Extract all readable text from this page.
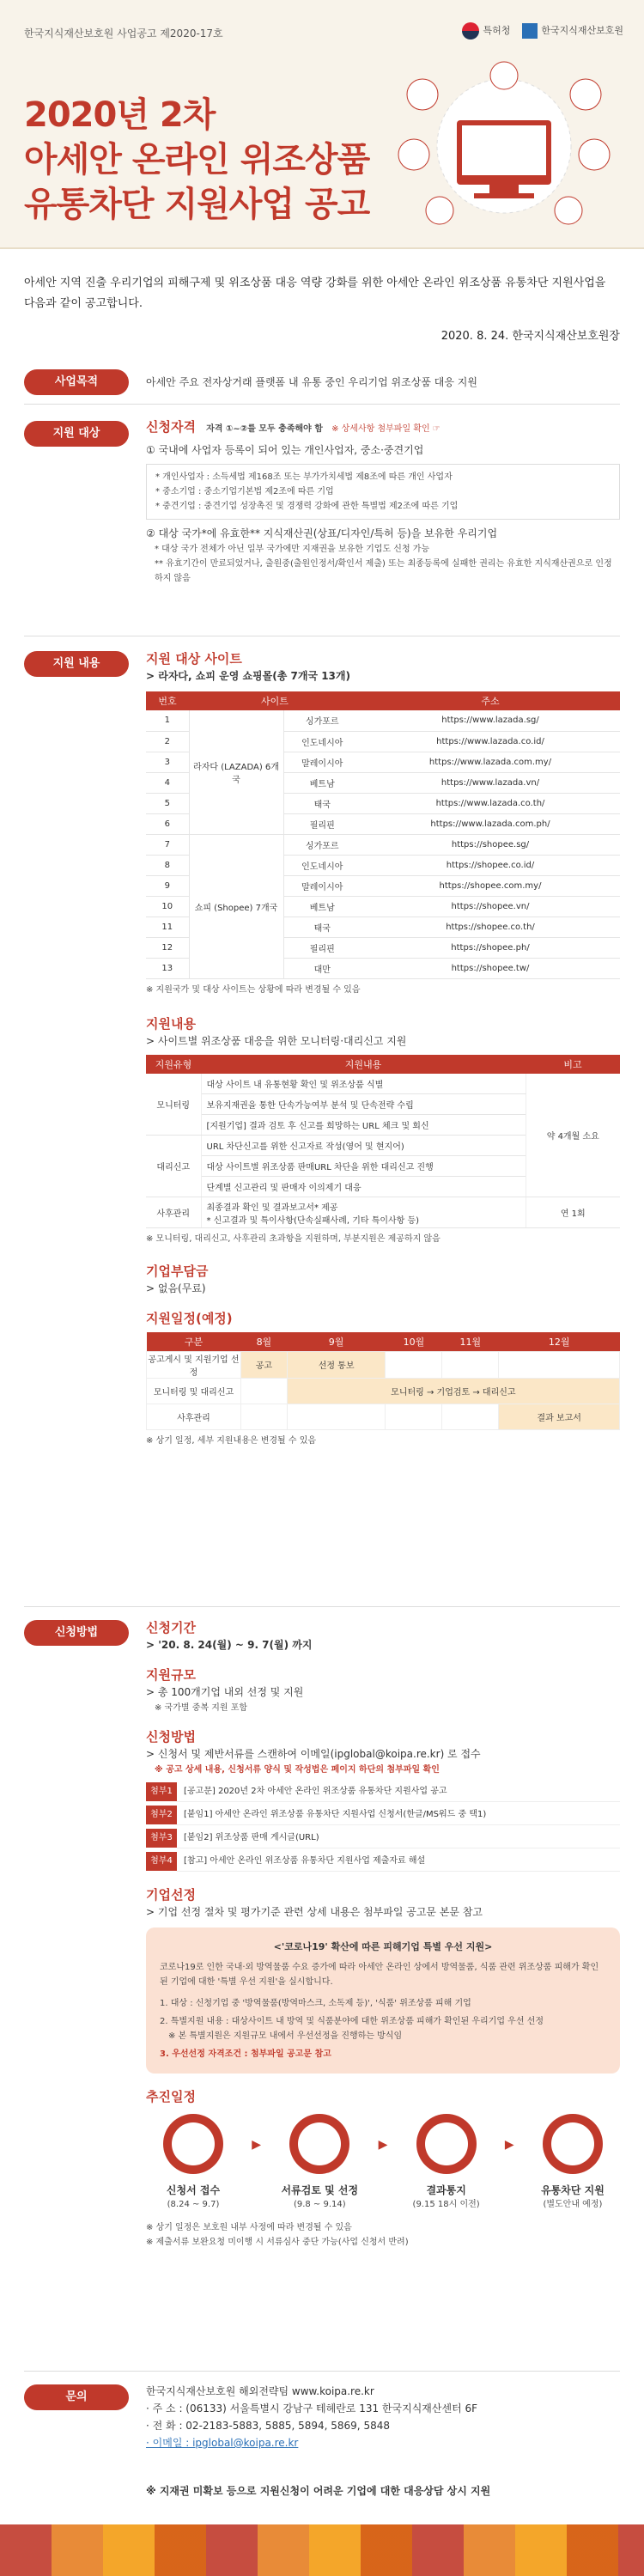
한국지식재산보호원 사업공고 제2020-17호	특허청	한국지식재산보호원
2020년 2차
아세안 온라인 위조상품
유통차단 지원사업 공고

아세안 지역 진출 우리기업의 피해구제 및 위조상품 대응 역량 강화를 위한 아세안 온라인 위조상품 유통차단 지원사업을 다음과 같이 공고합니다.

2020. 8. 24. 한국지식재산보호원장

사업목적	아세안 주요 전자상거래 플랫폼 내 유통 중인 우리기업 위조상품 대응 지원
지원 대상	신청자격 자격 ①~②를 모두 충족해야 함 ※ 상세사항 첨부파일 확인 ☞
① 국내에 사업자 등록이 되어 있는 개인사업자, 중소·중견기업
* 개인사업자 : 소득세법 제168조 또는 부가가치세법 제8조에 따른 개인 사업자
* 중소기업 : 중소기업기본법 제2조에 따른 기업
* 중견기업 : 중견기업 성장촉진 및 경쟁력 강화에 관한 특별법 제2조에 따른 기업
② 대상 국가*에 유효한** 지식재산권(상표/디자인/특허 등)을 보유한 우리기업
* 대상 국가 전체가 아닌 일부 국가에만 지재권을 보유한 기업도 신청 가능
** 유효기간이 만료되었거나, 출원중(출원인정서/확인서 제출) 또는 최종등록에 실패한 권리는 유효한 지식재산권으로 인정하지 않음
지원 내용	지원 대상 사이트
> 라자다, 쇼피 운영 쇼핑몰(총 7개국 13개)
번호	사이트		주소
1	라자다 (LAZADA) 6개국	싱가포르	https://www.lazada.sg/
2		인도네시아	https://www.lazada.co.id/
3		말레이시아	https://www.lazada.com.my/
4		베트남	https://www.lazada.vn/
5		태국	https://www.lazada.co.th/
6		필리핀	https://www.lazada.com.ph/
7	쇼피 (Shopee) 7개국	싱가포르	https://shopee.sg/
8		인도네시아	https://shopee.co.id/
9		말레이시아	https://shopee.com.my/
10		베트남	https://shopee.vn/
11		태국	https://shopee.co.th/
12		필리핀	https://shopee.ph/
13		대만	https://shopee.tw/
※ 지원국가 및 대상 사이트는 상황에 따라 변경될 수 있음
지원내용
> 사이트별 위조상품 대응을 위한 모니터링·대리신고 지원
지원유형	지원내용	비고
모니터링	대상 사이트 내 유통현황 확인 및 위조상품 식별	약 4개월 소요
	보유지재권을 통한 단속가능여부 분석 및 단속전략 수립	
	[지원기업] 결과 검토 후 신고를 희망하는 URL 체크 및 회신	
대리신고	URL 차단신고를 위한 신고자료 작성(영어 및 현지어)	
	대상 사이트별 위조상품 판매URL 차단을 위한 대리신고 진행	
	단계별 신고관리 및 판매자 이의제기 대응	
사후관리	최종결과 확인 및 결과보고서* 제공
* 신고결과 및 특이사항(단속실패사례, 기타 특이사항 등)	연 1회
※ 모니터링, 대리신고, 사후관리 초과항을 지원하며, 부분지원은 제공하지 않음
기업부담금
> 없음(무료)
지원일정(예정)
구분	8월	9월	10월	11월	12월
공고게시 및 지원기업 선정	공고	선정 통보			
모니터링 및 대리신고		모니터링 → 기업검토 → 대리신고			
사후관리					결과 보고서
※ 상기 일정, 세부 지원내용은 변경될 수 있음
신청방법	신청기간
> '20. 8. 24(월) ~ 9. 7(월) 까지
지원규모
> 총 100개기업 내외 선정 및 지원
※ 국가별 중복 지원 포함
신청방법
> 신청서 및 제반서류를 스캔하여 이메일(ipglobal@koipa.re.kr) 로 접수
※ 공고 상세 내용, 신청서류 양식 및 작성법은 페이지 하단의 첨부파일 확인
첨부1	[공고문] 2020년 2차 아세안 온라인 위조상품 유통차단 지원사업 공고
첨부2	[붙임1] 아세안 온라인 위조상품 유통차단 지원사업 신청서(한글/MS워드 중 택1)
첨부3	[붙임2] 위조상품 판매 게시글(URL)
첨부4	[참고] 아세안 온라인 위조상품 유통차단 지원사업 제출자료 해설
기업선정
> 기업 선정 절차 및 평가기준 관련 상세 내용은 첨부파일 공고문 본문 참고
<'코로나19' 확산에 따른 피해기업 특별 우선 지원>
코로나19로 인한 국내·외 방역물품 수요 증가에 따라 아세안 온라인 상에서 방역물품, 식품 관련 위조상품 피해가 확인된 기업에 대한 '특별 우선 지원'을 실시합니다.
1. 대상 : 신청기업 중 '방역물품(방역마스크, 소독제 등)', '식품' 위조상품 피해 기업
2. 특별지원 내용 : 대상사이트 내 방역 및 식품분야에 대한 위조상품 피해가 확인된 우리기업 우선 선정
※ 본 특별지원은 지원규모 내에서 우선선정을 진행하는 방식임
3. 우선선정 자격조건 : 첨부파일 공고문 참고
추진일정
신청서 접수
(8.24 ~ 9.7)
▶
서류검토 및 선정
(9.8 ~ 9.14)
▶
결과통지
(9.15 18시 이전)
▶
유통차단 지원
(별도안내 예정)
※ 상기 일정은 보호원 내부 사정에 따라 변경될 수 있음
※ 제출서류 보완요청 미이행 시 서류심사 중단 가능(사업 신청서 반려)
문의	한국지식재산보호원 해외전략팀 www.koipa.re.kr
· 주 소 : (06133) 서울특별시 강남구 테헤란로 131 한국지식재산센터 6F
· 전 화 : 02-2183-5883, 5885, 5894, 5869, 5848
· 이메일 : ipglobal@koipa.re.kr
※ 지재권 미확보 등으로 지원신청이 어려운 기업에 대한 대응상담 상시 지원
